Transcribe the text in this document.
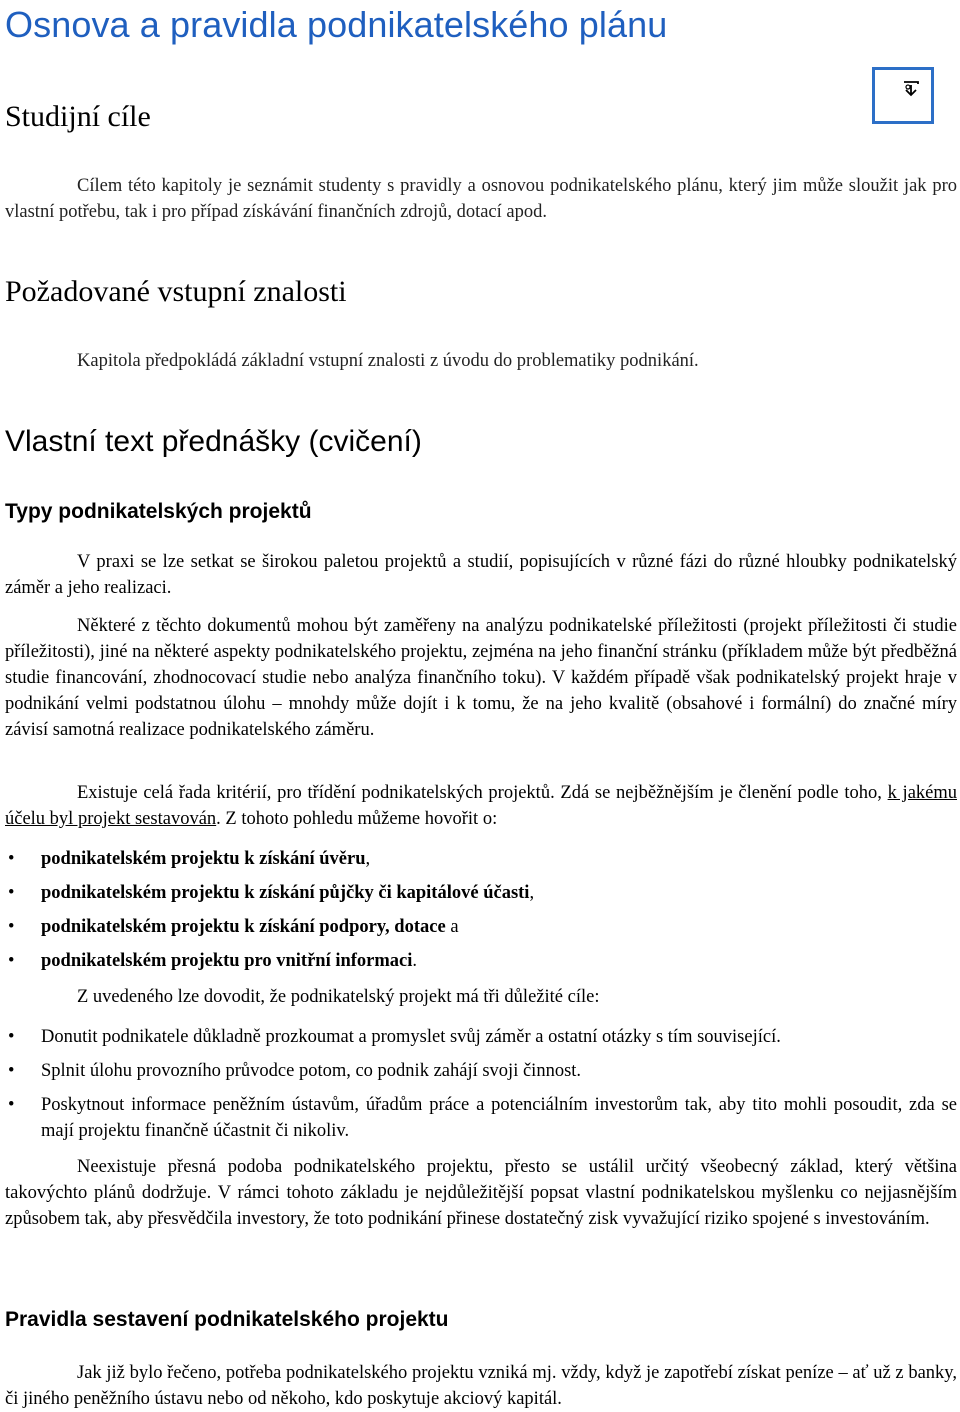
Osnova a pravidla podnikatelského plánu
Studijní cíle

Cílem této kapitoly je seznámit studenty s pravidly a osnovou podnikatelského plánu, který jim může sloužit jak pro vlastní potřebu, tak i pro případ získávání finančních zdrojů, dotací apod.

Požadované vstupní znalosti

Kapitola předpokládá základní vstupní znalosti z úvodu do problematiky podnikání.

Vlastní text přednášky (cvičení)
Typy podnikatelských projektů

V praxi se lze setkat se širokou paletou projektů a studií, popisujících v různé fázi do různé hloubky podnikatelský záměr a jeho realizaci.

Některé z těchto dokumentů mohou být zaměřeny na analýzu podnikatelské příležitosti (projekt příležitosti či studie příležitosti), jiné na některé aspekty podnikatelského projektu, zejména na jeho finanční stránku (příkladem může být předběžná studie financování, zhodnocovací studie nebo analýza finančního toku). V každém případě však podnikatelský projekt hraje v podnikání velmi podstatnou úlohu – mnohdy může dojít i k tomu, že na jeho kvalitě (obsahové i formální) do značné míry závisí samotná realizace podnikatelského záměru.

Existuje celá řada kritérií, pro třídění podnikatelských projektů. Zdá se nejběžnějším je členění podle toho, k jakému účelu byl projekt sestavován. Z tohoto pohledu můžeme hovořit o:

• podnikatelském projektu k získání úvěru,
• podnikatelském projektu k získání půjčky či kapitálové účasti,
• podnikatelském projektu k získání podpory, dotace a
• podnikatelském projektu pro vnitřní informaci.

Z uvedeného lze dovodit, že podnikatelský projekt má tři důležité cíle:

• Donutit podnikatele důkladně prozkoumat a promyslet svůj záměr a ostatní otázky s tím související.
• Splnit úlohu provozního průvodce potom, co podnik zahájí svoji činnost.
• Poskytnout informace peněžním ústavům, úřadům práce a potenciálním investorům tak, aby tito mohli posoudit, zda se mají projektu finančně účastnit či nikoliv.

Neexistuje přesná podoba podnikatelského projektu, přesto se ustálil určitý všeobecný základ, který většina takovýchto plánů dodržuje. V rámci tohoto základu je nejdůležitější popsat vlastní podnikatelskou myšlenku co nejjasnějším způsobem tak, aby přesvědčila investory, že toto podnikání přinese dostatečný zisk vyvažující riziko spojené s investováním.

Pravidla sestavení podnikatelského projektu

Jak již bylo řečeno, potřeba podnikatelského projektu vzniká mj. vždy, když je zapotřebí získat peníze – ať už z banky, či jiného peněžního ústavu nebo od někoho, kdo poskytuje akciový kapitál.
